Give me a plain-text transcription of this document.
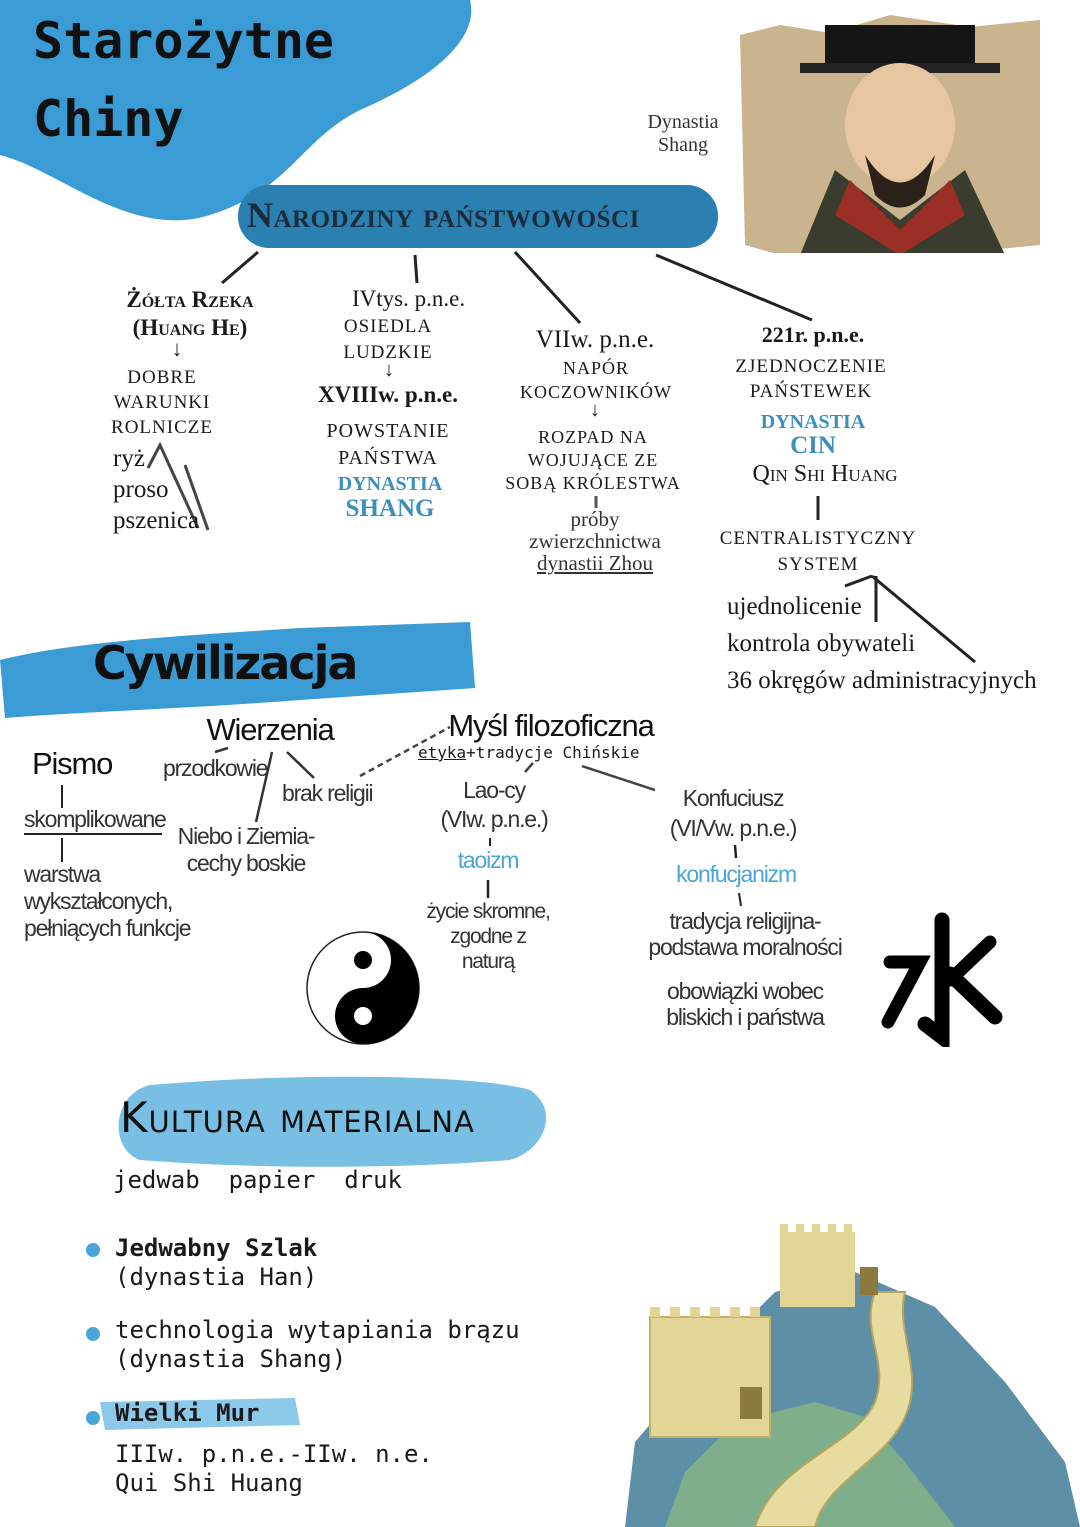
Starożytne
Chiny	Dynastia
Shang
Narodziny państwowości
Żółta Rzeka
(Huang He)
↓
DOBRE
WARUNKI
ROLNICZE
ryż
proso
pszenica
IVtys. p.n.e.
OSIEDLA
LUDZKIE
↓
XVIIIw. p.n.e.
POWSTANIE
PAŃSTWA
DYNASTIA
SHANG
VIIw. p.n.e.
NAPÓR
KOCZOWNIKÓW
↓
ROZPAD NA
WOJUJĄCE ZE
SOBĄ KRÓLESTWA
próby
zwierzchnictwa
dynastii Zhou
221r. p.n.e.
ZJEDNOCZENIE
PAŃSTEWEK
DYNASTIA
CIN
Qin Shi Huang
CENTRALISTYCZNY
SYSTEM
ujednolicenie
kontrola obywateli
36 okręgów administracyjnych
Cywilizacja
Pismo
skomplikowane
warstwa
wykształconych,
pełniących funkcje
Wierzenia
przodkowie
brak religii
Niebo i Ziemia-
cechy boskie
Myśl filozoficzna
etyka+tradycje Chińskie
Lao-cy
(VIw. p.n.e.)
taoizm
życie skromne,
zgodne z
naturą
Konfuciusz
(VI/Vw. p.n.e.)
konfucjanizm
tradycja religijna-
podstawa moralności
obowiązki wobec
bliskich i państwa
Kultura materialna
jedwab  papier  druk
Jedwabny Szlak
(dynastia Han)
technologia wytapiania brązu
(dynastia Shang)
Wielki Mur
IIIw. p.n.e.-IIw. n.e.
Qui Shi Huang
